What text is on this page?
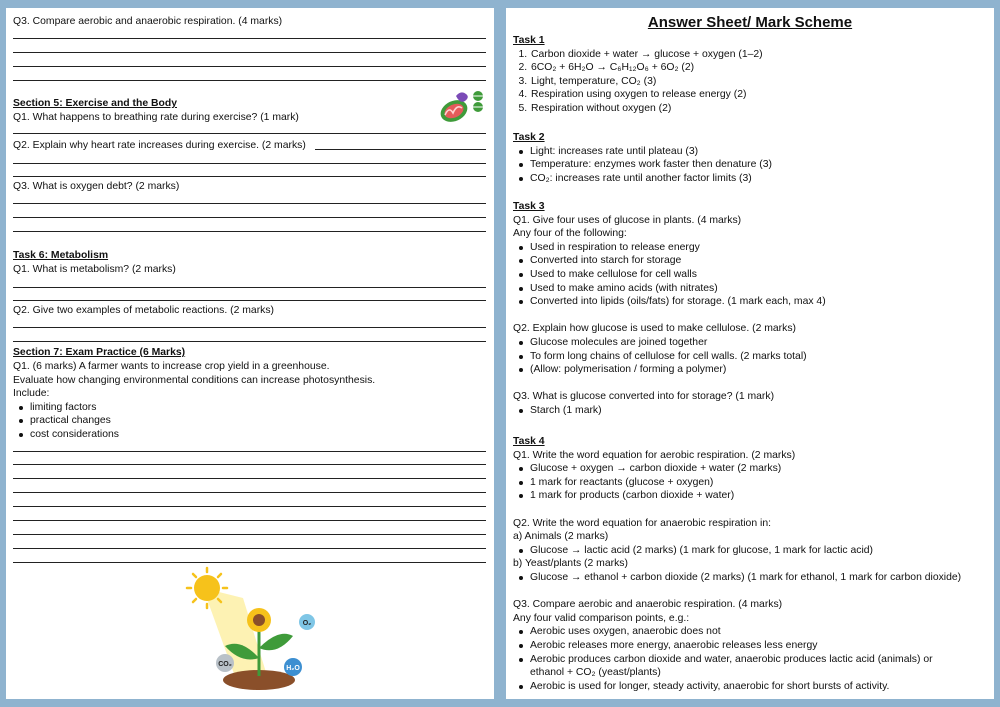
Q3. Compare aerobic and anaerobic respiration. (4 marks)
Section 5: Exercise and the Body
Q1. What happens to breathing rate during exercise? (1 mark)
Q2. Explain why heart rate increases during exercise. (2 marks)
Q3. What is oxygen debt? (2 marks)
Task 6: Metabolism
Q1. What is metabolism? (2 marks)
Q2. Give two examples of metabolic reactions. (2 marks)
Section 7: Exam Practice (6 Marks)
Q1. (6 marks) A farmer wants to increase crop yield in a greenhouse.
Evaluate how changing environmental conditions can increase photosynthesis.
Include:
limiting factors
practical changes
cost considerations
CO₂
O₂
H₂O
Answer Sheet/ Mark Scheme
Task 1
1. Carbon dioxide + water → glucose + oxygen (1–2)
2. 6CO₂ + 6H₂O → C₆H₁₂O₆ + 6O₂ (2)
3. Light, temperature, CO₂ (3)
4. Respiration using oxygen to release energy (2)
5. Respiration without oxygen (2)
Task 2
Light: increases rate until plateau (3)
Temperature: enzymes work faster then denature (3)
CO₂: increases rate until another factor limits (3)
Task 3
Q1. Give four uses of glucose in plants. (4 marks)
Any four of the following:
Used in respiration to release energy
Converted into starch for storage
Used to make cellulose for cell walls
Used to make amino acids (with nitrates)
Converted into lipids (oils/fats) for storage. (1 mark each, max 4)
Q2. Explain how glucose is used to make cellulose. (2 marks)
Glucose molecules are joined together
To form long chains of cellulose for cell walls. (2 marks total)
(Allow: polymerisation / forming a polymer)
Q3. What is glucose converted into for storage? (1 mark)
Starch (1 mark)
Task 4
Q1. Write the word equation for aerobic respiration. (2 marks)
Glucose + oxygen → carbon dioxide + water (2 marks)
1 mark for reactants (glucose + oxygen)
1 mark for products (carbon dioxide + water)
Q2. Write the word equation for anaerobic respiration in:
a) Animals (2 marks)
Glucose → lactic acid (2 marks) (1 mark for glucose, 1 mark for lactic acid)
b) Yeast/plants (2 marks)
Glucose → ethanol + carbon dioxide (2 marks) (1 mark for ethanol, 1 mark for carbon dioxide)
Q3. Compare aerobic and anaerobic respiration. (4 marks)
Any four valid comparison points, e.g.:
Aerobic uses oxygen, anaerobic does not
Aerobic releases more energy, anaerobic releases less energy
Aerobic produces carbon dioxide and water, anaerobic produces lactic acid (animals) or ethanol + CO₂ (yeast/plants)
Aerobic is used for longer, steady activity, anaerobic for short bursts of activity.
